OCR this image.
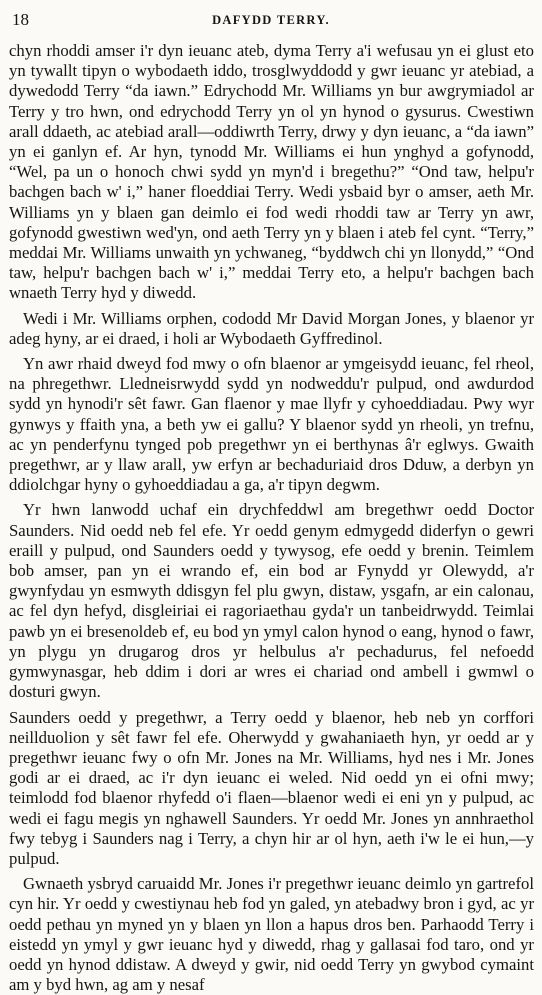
18	DAFYDD TERRY.

chyn rhoddi amser i'r dyn ieuanc ateb, dyma Terry a'i wefusau yn ei glust eto yn tywallt tipyn o wybodaeth iddo, trosglwyddodd y gwr ieuanc yr atebiad, a dywedodd Terry “da iawn.” Edrychodd Mr. Williams yn bur awgrymiadol ar Terry y tro hwn, ond edrychodd Terry yn ol yn hynod o gysurus. Cwestiwn arall ddaeth, ac atebiad arall—oddiwrth Terry, drwy y dyn ieuanc, a “da iawn” yn ei ganlyn ef. Ar hyn, tynodd Mr. Williams ei hun ynghyd a gofynodd, “Wel, pa un o honoch chwi sydd yn myn'd i bregethu?” “Ond taw, helpu'r bachgen bach w' i,” haner floeddiai Terry. Wedi ysbaid byr o amser, aeth Mr. Williams yn y blaen gan deimlo ei fod wedi rhoddi taw ar Terry yn awr, gofynodd gwestiwn wed'yn, ond aeth Terry yn y blaen i ateb fel cynt. “Terry,” meddai Mr. Williams unwaith yn ychwaneg, “byddwch chi yn llonydd,” “Ond taw, helpu'r bachgen bach w' i,” meddai Terry eto, a helpu'r bachgen bach wnaeth Terry hyd y diwedd.

Wedi i Mr. Williams orphen, cododd Mr David Morgan Jones, y blaenor yr adeg hyny, ar ei draed, i holi ar Wybodaeth Gyffredinol.

Yn awr rhaid dweyd fod mwy o ofn blaenor ar ymgeisydd ieuanc, fel rheol, na phregethwr. Lledneisrwydd sydd yn nodweddu'r pulpud, ond awdurdod sydd yn hynodi'r sêt fawr. Gan flaenor y mae llyfr y cyhoeddiadau. Pwy wyr gynwys y ffaith yna, a beth yw ei gallu? Y blaenor sydd yn rheoli, yn trefnu, ac yn penderfynu tynged pob pregethwr yn ei berthynas â'r eglwys. Gwaith pregethwr, ar y llaw arall, yw erfyn ar bechaduriaid dros Dduw, a derbyn yn ddiolchgar hyny o gyhoeddiadau a ga, a'r tipyn degwm.

Yr hwn lanwodd uchaf ein drychfeddwl am bregethwr oedd Doctor Saunders. Nid oedd neb fel efe. Yr oedd genym edmygedd diderfyn o gewri eraill y pulpud, ond Saunders oedd y tywysog, efe oedd y brenin. Teimlem bob amser, pan yn ei wrando ef, ein bod ar Fynydd yr Olewydd, a'r gwynfydau yn esmwyth ddisgyn fel plu gwyn, distaw, ysgafn, ar ein calonau, ac fel dyn hefyd, disgleiriai ei ragoriaethau gyda'r un tanbeidrwydd. Teimlai pawb yn ei bresenoldeb ef, eu bod yn ymyl calon hynod o eang, hynod o fawr, yn plygu yn drugarog dros yr helbulus a'r pechadurus, fel nefoedd gymwynasgar, heb ddim i dori ar wres ei chariad ond ambell i gwmwl o dosturi gwyn.

Saunders oedd y pregethwr, a Terry oedd y blaenor, heb neb yn corffori neillduolion y sêt fawr fel efe. Oherwydd y gwahaniaeth hyn, yr oedd ar y pregethwr ieuanc fwy o ofn Mr. Jones na Mr. Williams, hyd nes i Mr. Jones godi ar ei draed, ac i'r dyn ieuanc ei weled. Nid oedd yn ei ofni mwy; teimlodd fod blaenor rhyfedd o'i flaen—blaenor wedi ei eni yn y pulpud, ac wedi ei fagu megis yn nghawell Saunders. Yr oedd Mr. Jones yn annhraethol fwy tebyg i Saunders nag i Terry, a chyn hir ar ol hyn, aeth i'w le ei hun,—y pulpud.

Gwnaeth ysbryd caruaidd Mr. Jones i'r pregethwr ieuanc deimlo yn gartrefol cyn hir. Yr oedd y cwestiynau heb fod yn galed, yn atebadwy bron i gyd, ac yr oedd pethau yn myned yn y blaen yn llon a hapus dros ben. Parhaodd Terry i eistedd yn ymyl y gwr ieuanc hyd y diwedd, rhag y gallasai fod taro, ond yr oedd yn hynod ddistaw. A dweyd y gwir, nid oedd Terry yn gwybod cymaint am y byd hwn, ag am y nesaf
